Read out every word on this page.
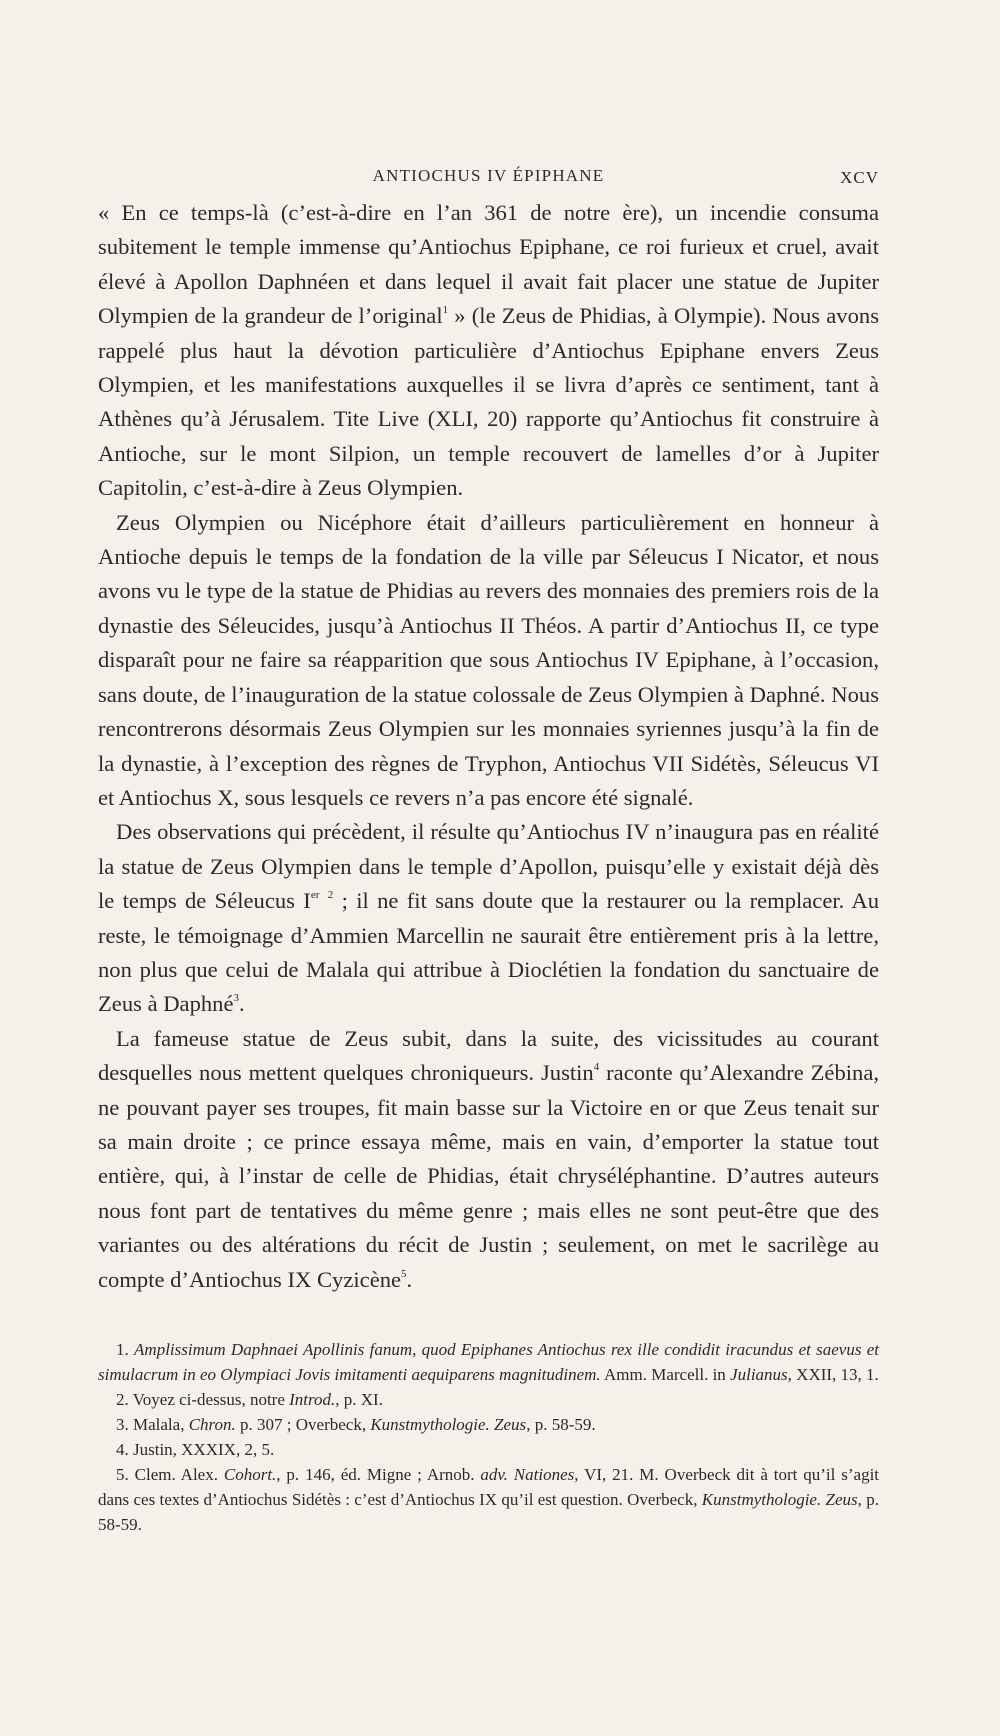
ANTIOCHUS IV ÉPIPHANE	XCV

« En ce temps-là (c’est-à-dire en l’an 361 de notre ère), un incendie consuma subitement le temple immense qu’Antiochus Epiphane, ce roi furieux et cruel, avait élevé à Apollon Daphnéen et dans lequel il avait fait placer une statue de Jupiter Olympien de la grandeur de l’original$^1$ » (le Zeus de Phidias, à Olympie). Nous avons rappelé plus haut la dévotion particulière d’Antiochus Epiphane envers Zeus Olympien, et les manifestations auxquelles il se livra d’après ce sentiment, tant à Athènes qu’à Jérusalem. Tite Live (XLI, 20) rapporte qu’Antiochus fit construire à Antioche, sur le mont Silpion, un temple recouvert de lamelles d’or à Jupiter Capitolin, c’est-à-dire à Zeus Olympien.

Zeus Olympien ou Nicéphore était d’ailleurs particulièrement en honneur à Antioche depuis le temps de la fondation de la ville par Séleucus I Nicator, et nous avons vu le type de la statue de Phidias au revers des monnaies des premiers rois de la dynastie des Séleucides, jusqu’à Antiochus II Théos. A partir d’Antiochus II, ce type disparaît pour ne faire sa réapparition que sous Antiochus IV Epiphane, à l’occasion, sans doute, de l’inauguration de la statue colossale de Zeus Olympien à Daphné. Nous rencontrerons désormais Zeus Olympien sur les monnaies syriennes jusqu’à la fin de la dynastie, à l’exception des règnes de Tryphon, Antiochus VII Sidétès, Séleucus VI et Antiochus X, sous lesquels ce revers n’a pas encore été signalé.

Des observations qui précèdent, il résulte qu’Antiochus IV n’inaugura pas en réalité la statue de Zeus Olympien dans le temple d’Apollon, puisqu’elle y existait déjà dès le temps de Séleucus Ier $^2$ ; il ne fit sans doute que la restaurer ou la remplacer. Au reste, le témoignage d’Ammien Marcellin ne saurait être entièrement pris à la lettre, non plus que celui de Malala qui attribue à Dioclétien la fondation du sanctuaire de Zeus à Daphné$^3$.

La fameuse statue de Zeus subit, dans la suite, des vicissitudes au courant desquelles nous mettent quelques chroniqueurs. Justin$^4$ raconte qu’Alexandre Zébina, ne pouvant payer ses troupes, fit main basse sur la Victoire en or que Zeus tenait sur sa main droite ; ce prince essaya même, mais en vain, d’emporter la statue tout entière, qui, à l’instar de celle de Phidias, était chryséléphantine. D’autres auteurs nous font part de tentatives du même genre ; mais elles ne sont peut-être que des variantes ou des altérations du récit de Justin ; seulement, on met le sacrilège au compte d’Antiochus IX Cyzicène$^5$.

1. Amplissimum Daphnaei Apollinis fanum, quod Epiphanes Antiochus rex ille condidit iracundus et saevus et simulacrum in eo Olympiaci Jovis imitamenti aequiparens magnitudinem. Amm. Marcell. in Julianus, XXII, 13, 1.

2. Voyez ci-dessus, notre Introd., p. XI.

3. Malala, Chron. p. 307 ; Overbeck, Kunstmythologie. Zeus, p. 58-59.

4. Justin, XXXIX, 2, 5.

5. Clem. Alex. Cohort., p. 146, éd. Migne ; Arnob. adv. Nationes, VI, 21. M. Overbeck dit à tort qu’il s’agit dans ces textes d’Antiochus Sidétès : c’est d’Antiochus IX qu’il est question. Overbeck, Kunstmythologie. Zeus, p. 58-59.
